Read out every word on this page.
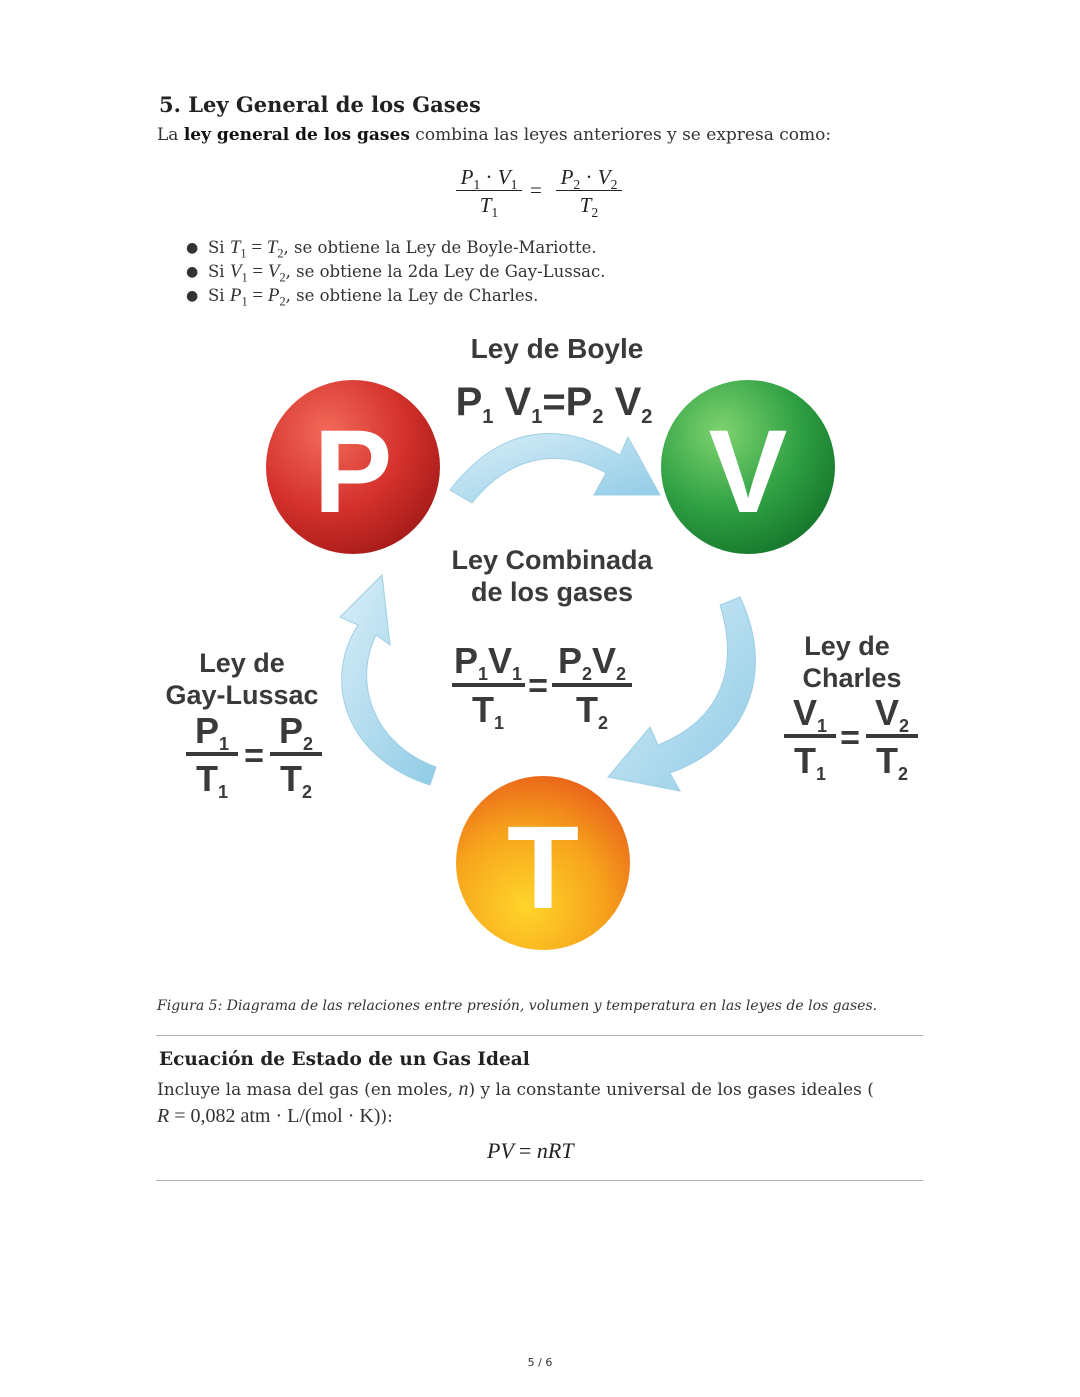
5. Ley General de los Gases

La ley general de los gases combina las leyes anteriores y se expresa como:

$\frac{P_1 \cdot V_1}{T_1} = \frac{P_2 \cdot V_2}{T_2}$
● Si $T_1 = T_2$, se obtiene la Ley de Boyle-Mariotte.
● Si $V_1 = V_2$, se obtiene la 2da Ley de Gay-Lussac.
● Si $P_1 = P_2$, se obtiene la Ley de Charles.
P	V
T
Ley de Boyle
$P_1$ $V_1=P_2$ $V_2$
Ley Combinada
de los gases
P1V1
T1
=
P2V2
T2
Ley de
Gay-Lussac
P1
T1
=
P2
T2
Ley de
Charles
V1
T1
=
V2
T2

Figura 5: Diagrama de las relaciones entre presión, volumen y temperatura en las leyes de los gases.

Ecuación de Estado de un Gas Ideal

Incluye la masa del gas (en moles, n) y la constante universal de los gases ideales (
R = 0,082 atm · L/(mol · K)):

PV = nRT
5 / 6
